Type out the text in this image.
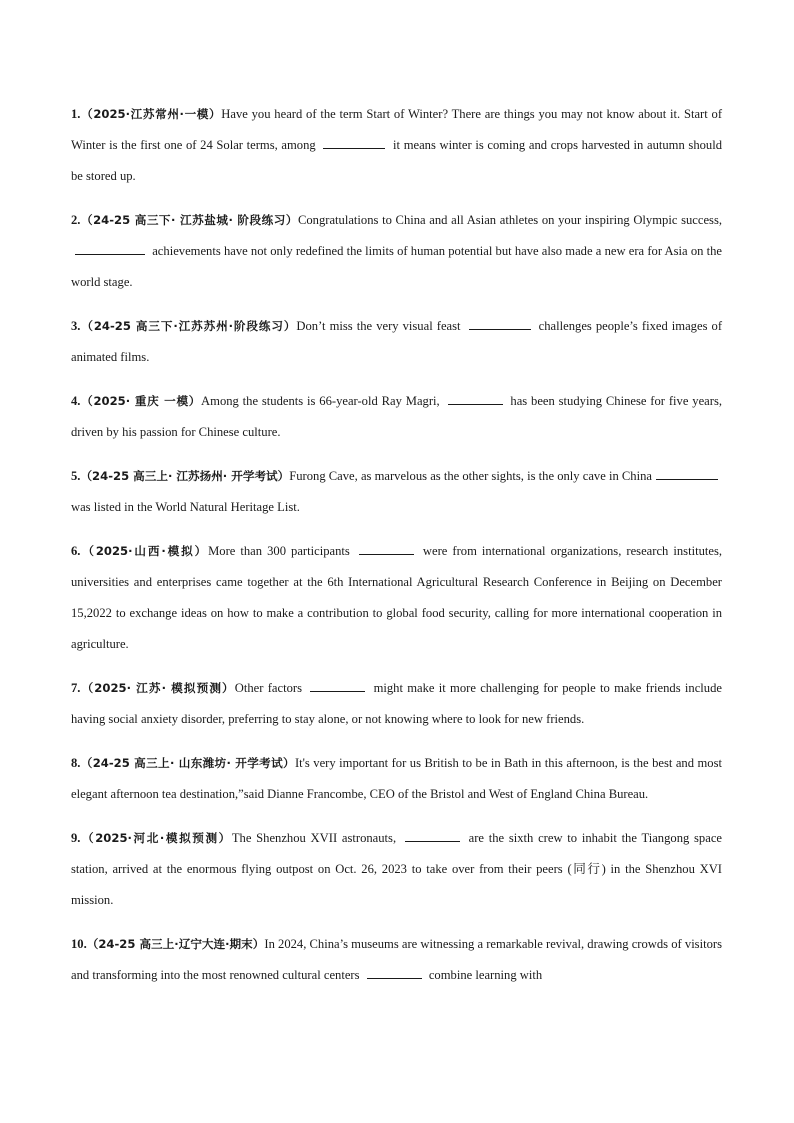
1.（2025·江苏常州·一模）Have you heard of the term Start of Winter? There are things you may not know about it. Start of Winter is the first one of 24 Solar terms, among	it means winter is coming and crops harvested in autumn should be stored up.

2.（24-25 高三下· 江苏盐城· 阶段练习）Congratulations to China and all Asian athletes on your inspiring Olympic success,  achievements have not only redefined the limits of human potential but have also made a new era for Asia on the world stage.

3.（24-25 高三下·江苏苏州·阶段练习）Don’t miss the very visual feast	challenges people’s fixed images of animated films.

4.（2025· 重庆 一模）Among the students is 66-year-old Ray Magri,	has been studying Chinese for five years, driven by his passion for Chinese culture.

5.（24-25 高三上· 江苏扬州· 开学考试）Furong Cave, as marvelous as the other sights, is the only cave in China was listed in the World Natural Heritage List.

6.（2025·山西·模拟）More than 300 participants	were from international organizations, research institutes, universities and enterprises came together at the 6th International Agricultural Research Conference in Beijing on December 15,2022 to exchange ideas on how to make a contribution to global food security, calling for more international cooperation in agriculture.

7.（2025· 江苏· 模拟预测）Other factors	might make it more challenging for people to make friends include having social anxiety disorder, preferring to stay alone, or not knowing where to look for new friends.

8.（24-25 高三上· 山东潍坊· 开学考试）It's very important for us British to be in Bath in this afternoon, is the best and most elegant afternoon tea destination,”said Dianne Francombe, CEO of the Bristol and West of England China Bureau.

9.（2025·河北·模拟预测）The Shenzhou XVII astronauts,	are the sixth crew to inhabit the Tiangong space station, arrived at the enormous flying outpost on Oct. 26, 2023 to take over from their peers (同行) in the Shenzhou XVI mission.

10.（24-25 高三上·辽宁大连·期末）In 2024, China’s museums are witnessing a remarkable revival, drawing crowds of visitors and transforming into the most renowned cultural centers	combine learning with
